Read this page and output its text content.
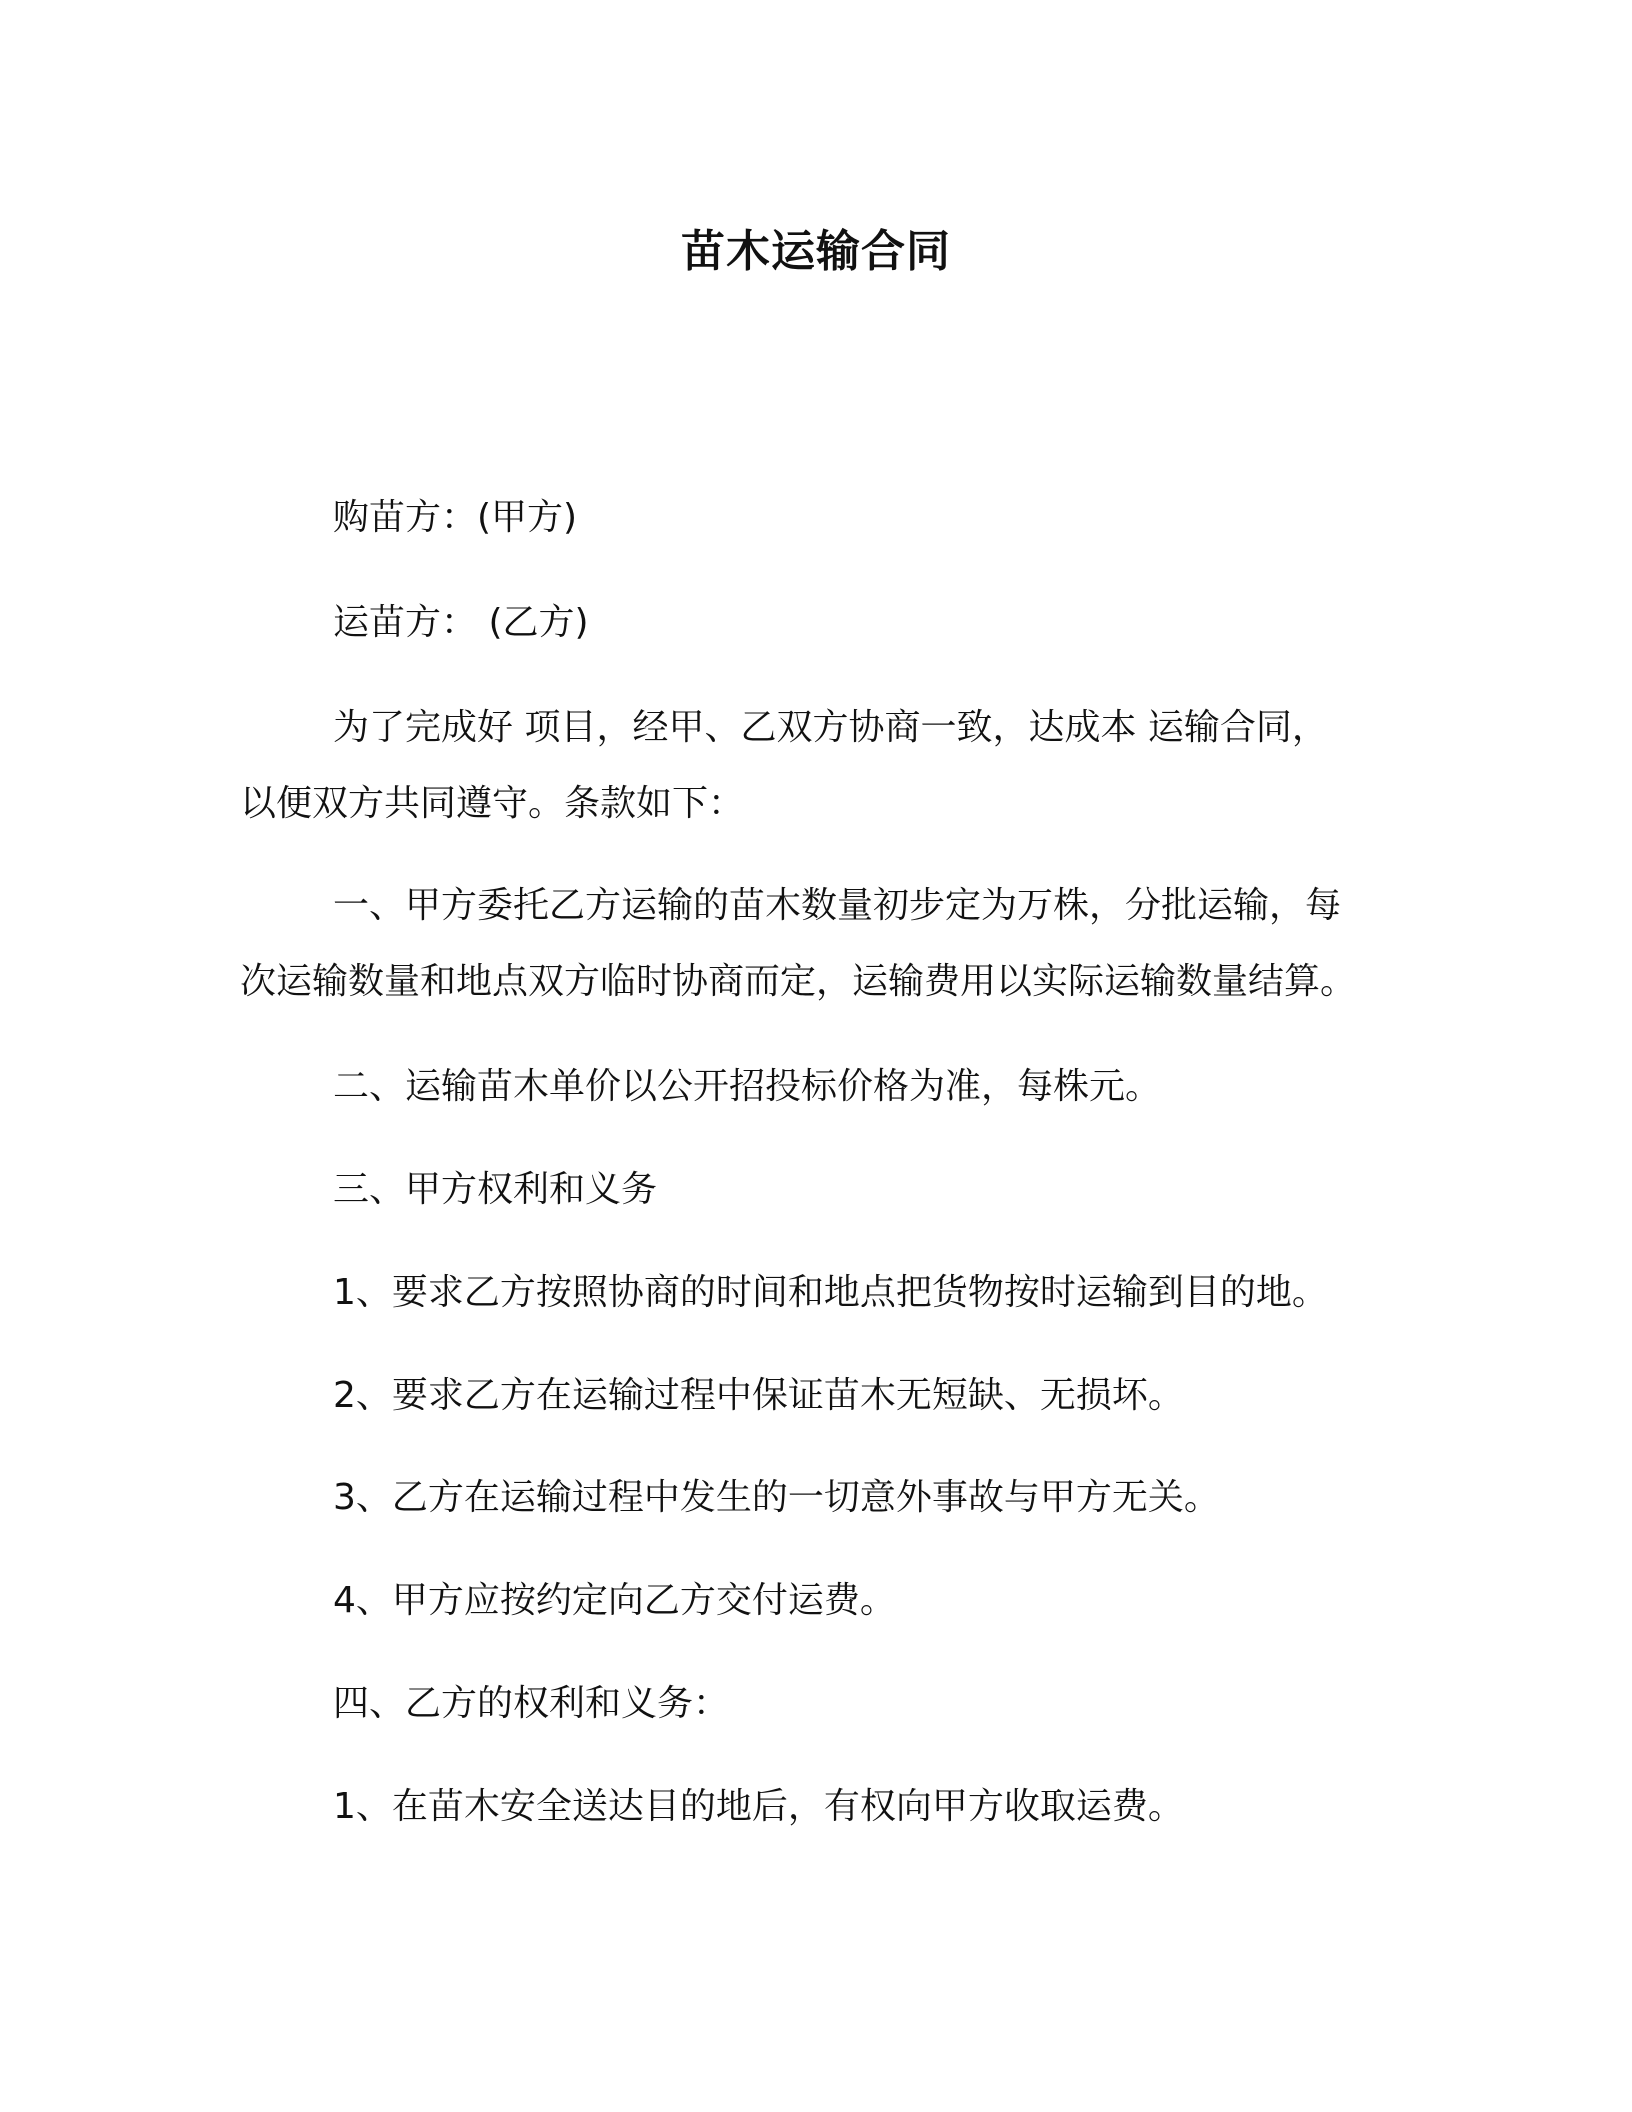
苗木运输合同
购苗方：(甲方)
运苗方： (乙方)
为了完成好 项目，经甲、乙双方协商一致，达成本 运输合同，
以便双方共同遵守。条款如下：
一、甲方委托乙方运输的苗木数量初步定为万株，分批运输，每
次运输数量和地点双方临时协商而定，运输费用以实际运输数量结算。
二、运输苗木单价以公开招投标价格为准，每株元。
三、甲方权利和义务
1、要求乙方按照协商的时间和地点把货物按时运输到目的地。
2、要求乙方在运输过程中保证苗木无短缺、无损坏。
3、乙方在运输过程中发生的一切意外事故与甲方无关。
4、甲方应按约定向乙方交付运费。
四、乙方的权利和义务：
1、在苗木安全送达目的地后，有权向甲方收取运费。
